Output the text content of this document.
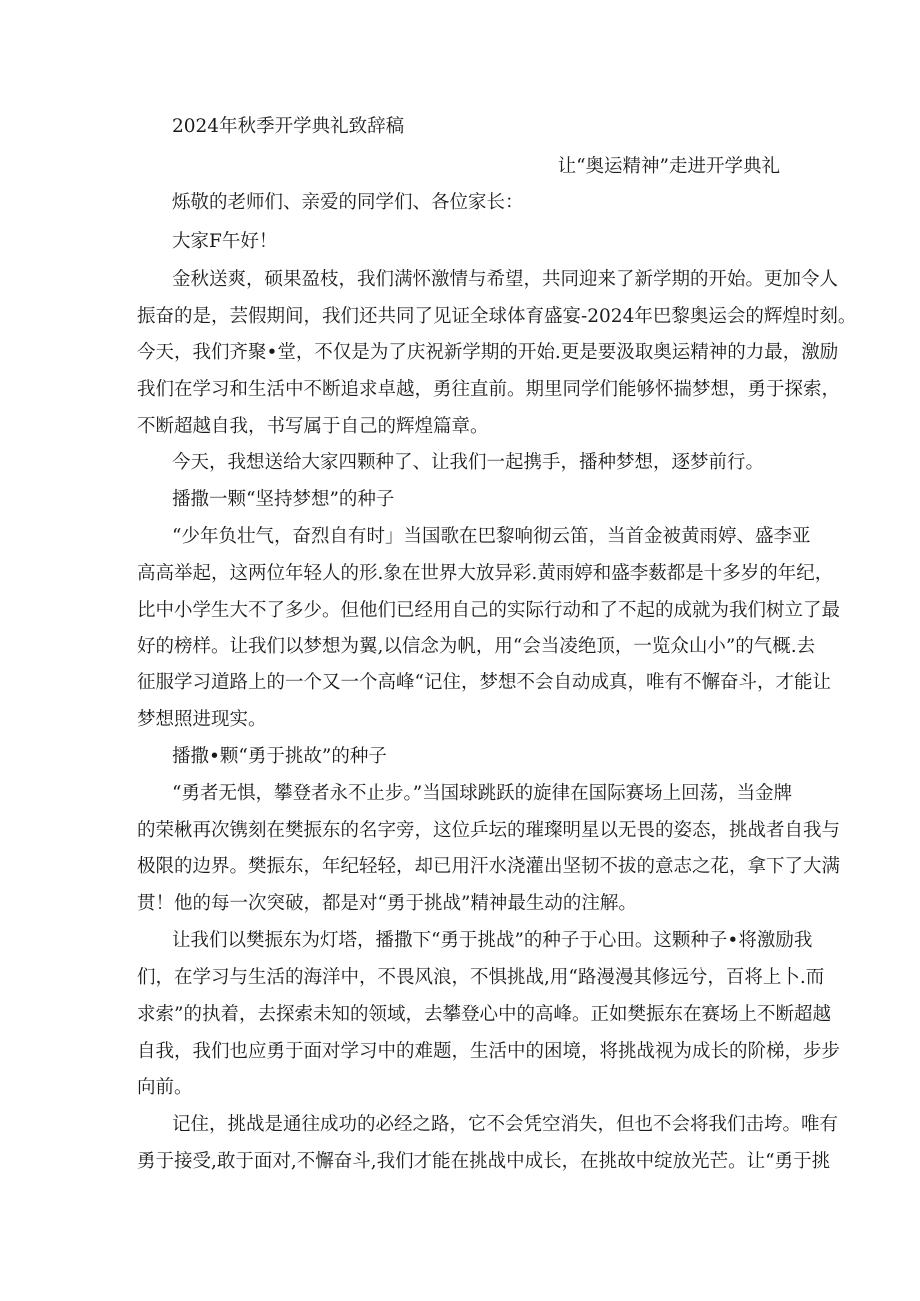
2024年秋季开学典礼致辞稿
让“奥运精神”走进开学典礼
烁敬的老师们、亲爱的同学们、各位家长：
大家F午好！
金秋送爽，硕果盈枝，我们满怀激情与希望，共同迎来了新学期的开始。更加令人
振奋的是，芸假期间，我们还共同了见证全球体育盛宴-2024年巴黎奥运会的辉煌时刻。
今天，我们齐聚•堂，不仅是为了庆祝新学期的开始.更是要汲取奥运精神的力最，激励
我们在学习和生活中不断追求卓越，勇往直前。期里同学们能够怀揣梦想，勇于探索，
不断超越自我，书写属于自己的辉煌篇章。
今天，我想送给大家四颗种了、让我们一起携手，播种梦想，逐梦前行。
播撒一颗“坚持梦想”的种子
“少年负壮气，奋烈自有时」当国歌在巴黎响彻云笛，当首金被黄雨婷、盛李亚
高高举起，这两位年轻人的形.象在世界大放异彩.黄雨婷和盛李薮都是十多岁的年纪，
比中小学生大不了多少。但他们已经用自己的实际行动和了不起的成就为我们树立了最
好的榜样。让我们以梦想为翼,以信念为帆，用“会当凌绝顶，一览众山小”的气概.去
征服学习道路上的一个又一个高峰“记住，梦想不会自动成真，唯有不懈奋斗，才能让
梦想照进现实。
播撒•颗“勇于挑故”的种子
“勇者无惧，攀登者永不止步。”当国球跳跃的旋律在国际赛场上回荡，当金牌
的荣楸再次镌刻在樊振东的名字旁，这位乒坛的璀璨明星以无畏的姿态，挑战者自我与
极限的边界。樊振东，年纪轻轻，却已用汗水浇灌出坚韧不拔的意志之花，拿下了大满
贯！他的每一次突破，都是对“勇于挑战”精神最生动的注解。
让我们以樊振东为灯塔，播撒下“勇于挑战”的种子于心田。这颗种子•将激励我
们，在学习与生活的海洋中，不畏风浪，不惧挑战,用“路漫漫其修远兮，百将上卜.而
求索”的执着，去探索未知的领域，去攀登心中的高峰。正如樊振东在赛场上不断超越
自我，我们也应勇于面对学习中的难题，生活中的困境，将挑战视为成长的阶梯，步步
向前。
记住，挑战是通往成功的必经之路，它不会凭空消失，但也不会将我们击垮。唯有
勇于接受,敢于面对,不懈奋斗,我们才能在挑战中成长，在挑故中绽放光芒。让“勇于挑
